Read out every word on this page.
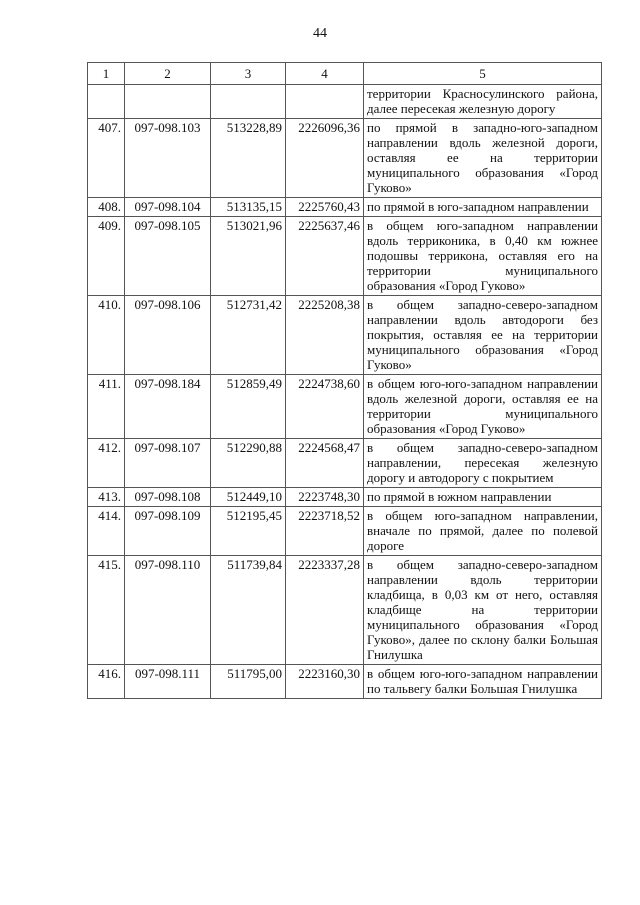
44
1	2	3	4	5
				территории Красносулинского района, далее пересекая железную дорогу
407.	097-098.103	513228,89	2226096,36	по прямой в западно-юго-западном направлении вдоль железной дороги, оставляя ее на территории муниципального образования «Город Гуково»
408.	097-098.104	513135,15	2225760,43	по прямой в юго-западном направлении
409.	097-098.105	513021,96	2225637,46	в общем юго-западном направлении вдоль терриконика, в 0,40 км южнее подошвы террикона, оставляя его на территории муниципального образования «Город Гуково»
410.	097-098.106	512731,42	2225208,38	в общем западно-северо-западном направлении вдоль автодороги без покрытия, оставляя ее на территории муниципального образования «Город Гуково»
411.	097-098.184	512859,49	2224738,60	в общем юго-юго-западном направлении вдоль железной дороги, оставляя ее на территории муниципального образования «Город Гуково»
412.	097-098.107	512290,88	2224568,47	в общем западно-северо-западном направлении, пересекая железную дорогу и автодорогу с покрытием
413.	097-098.108	512449,10	2223748,30	по прямой в южном направлении
414.	097-098.109	512195,45	2223718,52	в общем юго-западном направлении, вначале по прямой, далее по полевой дороге
415.	097-098.110	511739,84	2223337,28	в общем западно-северо-западном направлении вдоль территории кладбища, в 0,03 км от него, оставляя кладбище на территории муниципального образования «Город Гуково», далее по склону балки Большая Гнилушка
416.	097-098.111	511795,00	2223160,30	в общем юго-юго-западном направлении по тальвегу балки Большая Гнилушка
